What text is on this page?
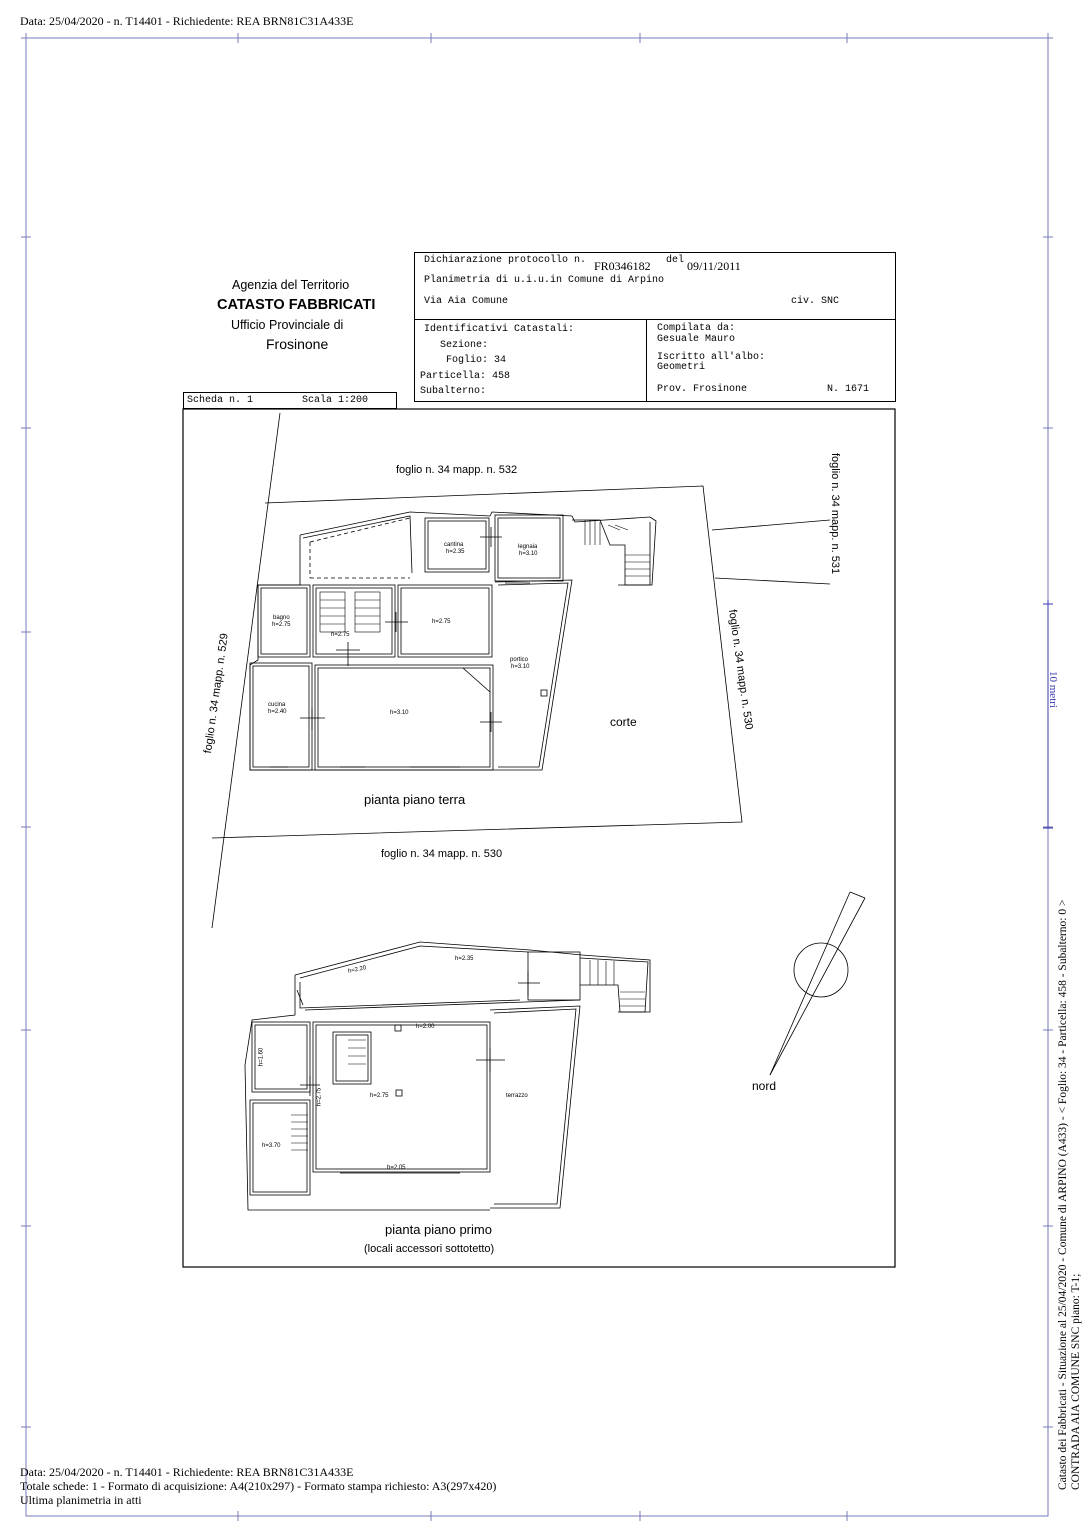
Data: 25/04/2020 - n. T14401 - Richiedente: REA BRN81C31A433E
Agenzia del Territorio
CATASTO FABBRICATI
Ufficio Provinciale di
Frosinone
Dichiarazione protocollo n. FR0346182 del 09/11/2011
Planimetria di u.i.u.in Comune di Arpino
Via Aia Comune	civ. SNC
Identificativi Catastali:
Sezione:
Foglio: 34
Particella: 458
Subalterno:
Compilata da:
Gesuale Mauro
Iscritto all'albo:
Geometri
Prov. Frosinone	N. 1671
Scheda n. 1	Scala 1:200
foglio n. 34 mapp. n. 532	foglio n. 34 mapp. n. 531
foglio n. 34 mapp. n. 530
foglio n. 34 mapp. n. 529
foglio n. 34 mapp. n. 530
corte
pianta piano terra
pianta piano primo
(locali accessori sottotetto)
nord
cantina
h=2.35
legnaia
h=3.10
bagno
h=2.75
h=2.75
h=2.75
portico
h=3.10
cucina
h=2.40	h=3.10
h=2.20
h=2.35
h=2.00
h=1.60
h=2.75	h=2.75
h=3.70
h=2.05
terrazzo
10 metri
Catasto dei Fabbricati - Situazione al 25/04/2020 - Comune di ARPINO (A433) - < Foglio: 34 - Particella: 458 - Subalterno: 0 > CONTRADA AIA COMUNE SNC piano: T-1;
Data: 25/04/2020 - n. T14401 - Richiedente: REA BRN81C31A433E
Totale schede: 1 - Formato di acquisizione: A4(210x297) - Formato stampa richiesto: A3(297x420)
Ultima planimetria in atti
